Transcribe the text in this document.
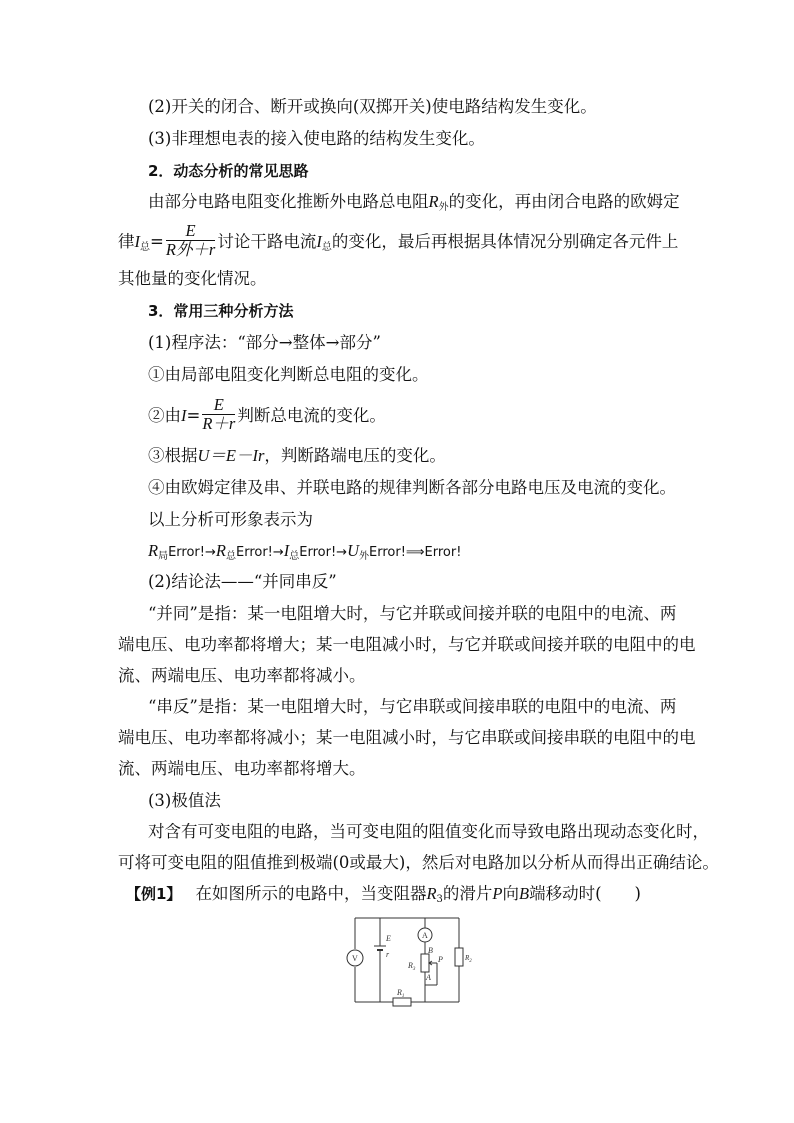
(2)开关的闭合、断开或换向(双掷开关)使电路结构发生变化。
(3)非理想电表的接入使电路的结构发生变化。
2．动态分析的常见思路
由部分电路电阻变化推断外电路总电阻$R_外$的变化，再由闭合电路的欧姆定
律$I_总= \frac{E}{\text{R外＋r}}$ 讨论干路电流$I_总$的变化，最后再根据具体情况分别确定各元件上
其他量的变化情况。
3．常用三种分析方法
(1)程序法：“部分→整体→部分”
①由局部电阻变化判断总电阻的变化。
②由$I= \frac{E}{R+r}$ 判断总电流的变化。
③根据U＝E－Ir，判断路端电压的变化。
④由欧姆定律及串、并联电路的规律判断各部分电路电压及电流的变化。
以上分析可形象表示为
$R_局Error!\to R_总Error!\to I_总Error!\to U_外Error!⟹Error$!
(2)结论法——“并同串反”
“并同”是指：某一电阻增大时，与它并联或间接并联的电阻中的电流、两
端电压、电功率都将增大；某一电阻减小时，与它并联或间接并联的电阻中的电
流、两端电压、电功率都将减小。
“串反”是指：某一电阻增大时，与它串联或间接串联的电阻中的电流、两
端电压、电功率都将减小；某一电阻减小时，与它串联或间接串联的电阻中的电
流、两端电压、电功率都将增大。
(3)极值法
对含有可变电阻的电路，当可变电阻的阻值变化而导致电路出现动态变化时，
可将可变电阻的阻值推到极端(0或最大)，然后对电路加以分析从而得出正确结论。
【例1】 在如图所示的电路中，当变阻器$R_3$的滑片P向B端移动时(　　)
V
E
r
A
B
A
$R_3$
P	$R_2$
$R_1$
